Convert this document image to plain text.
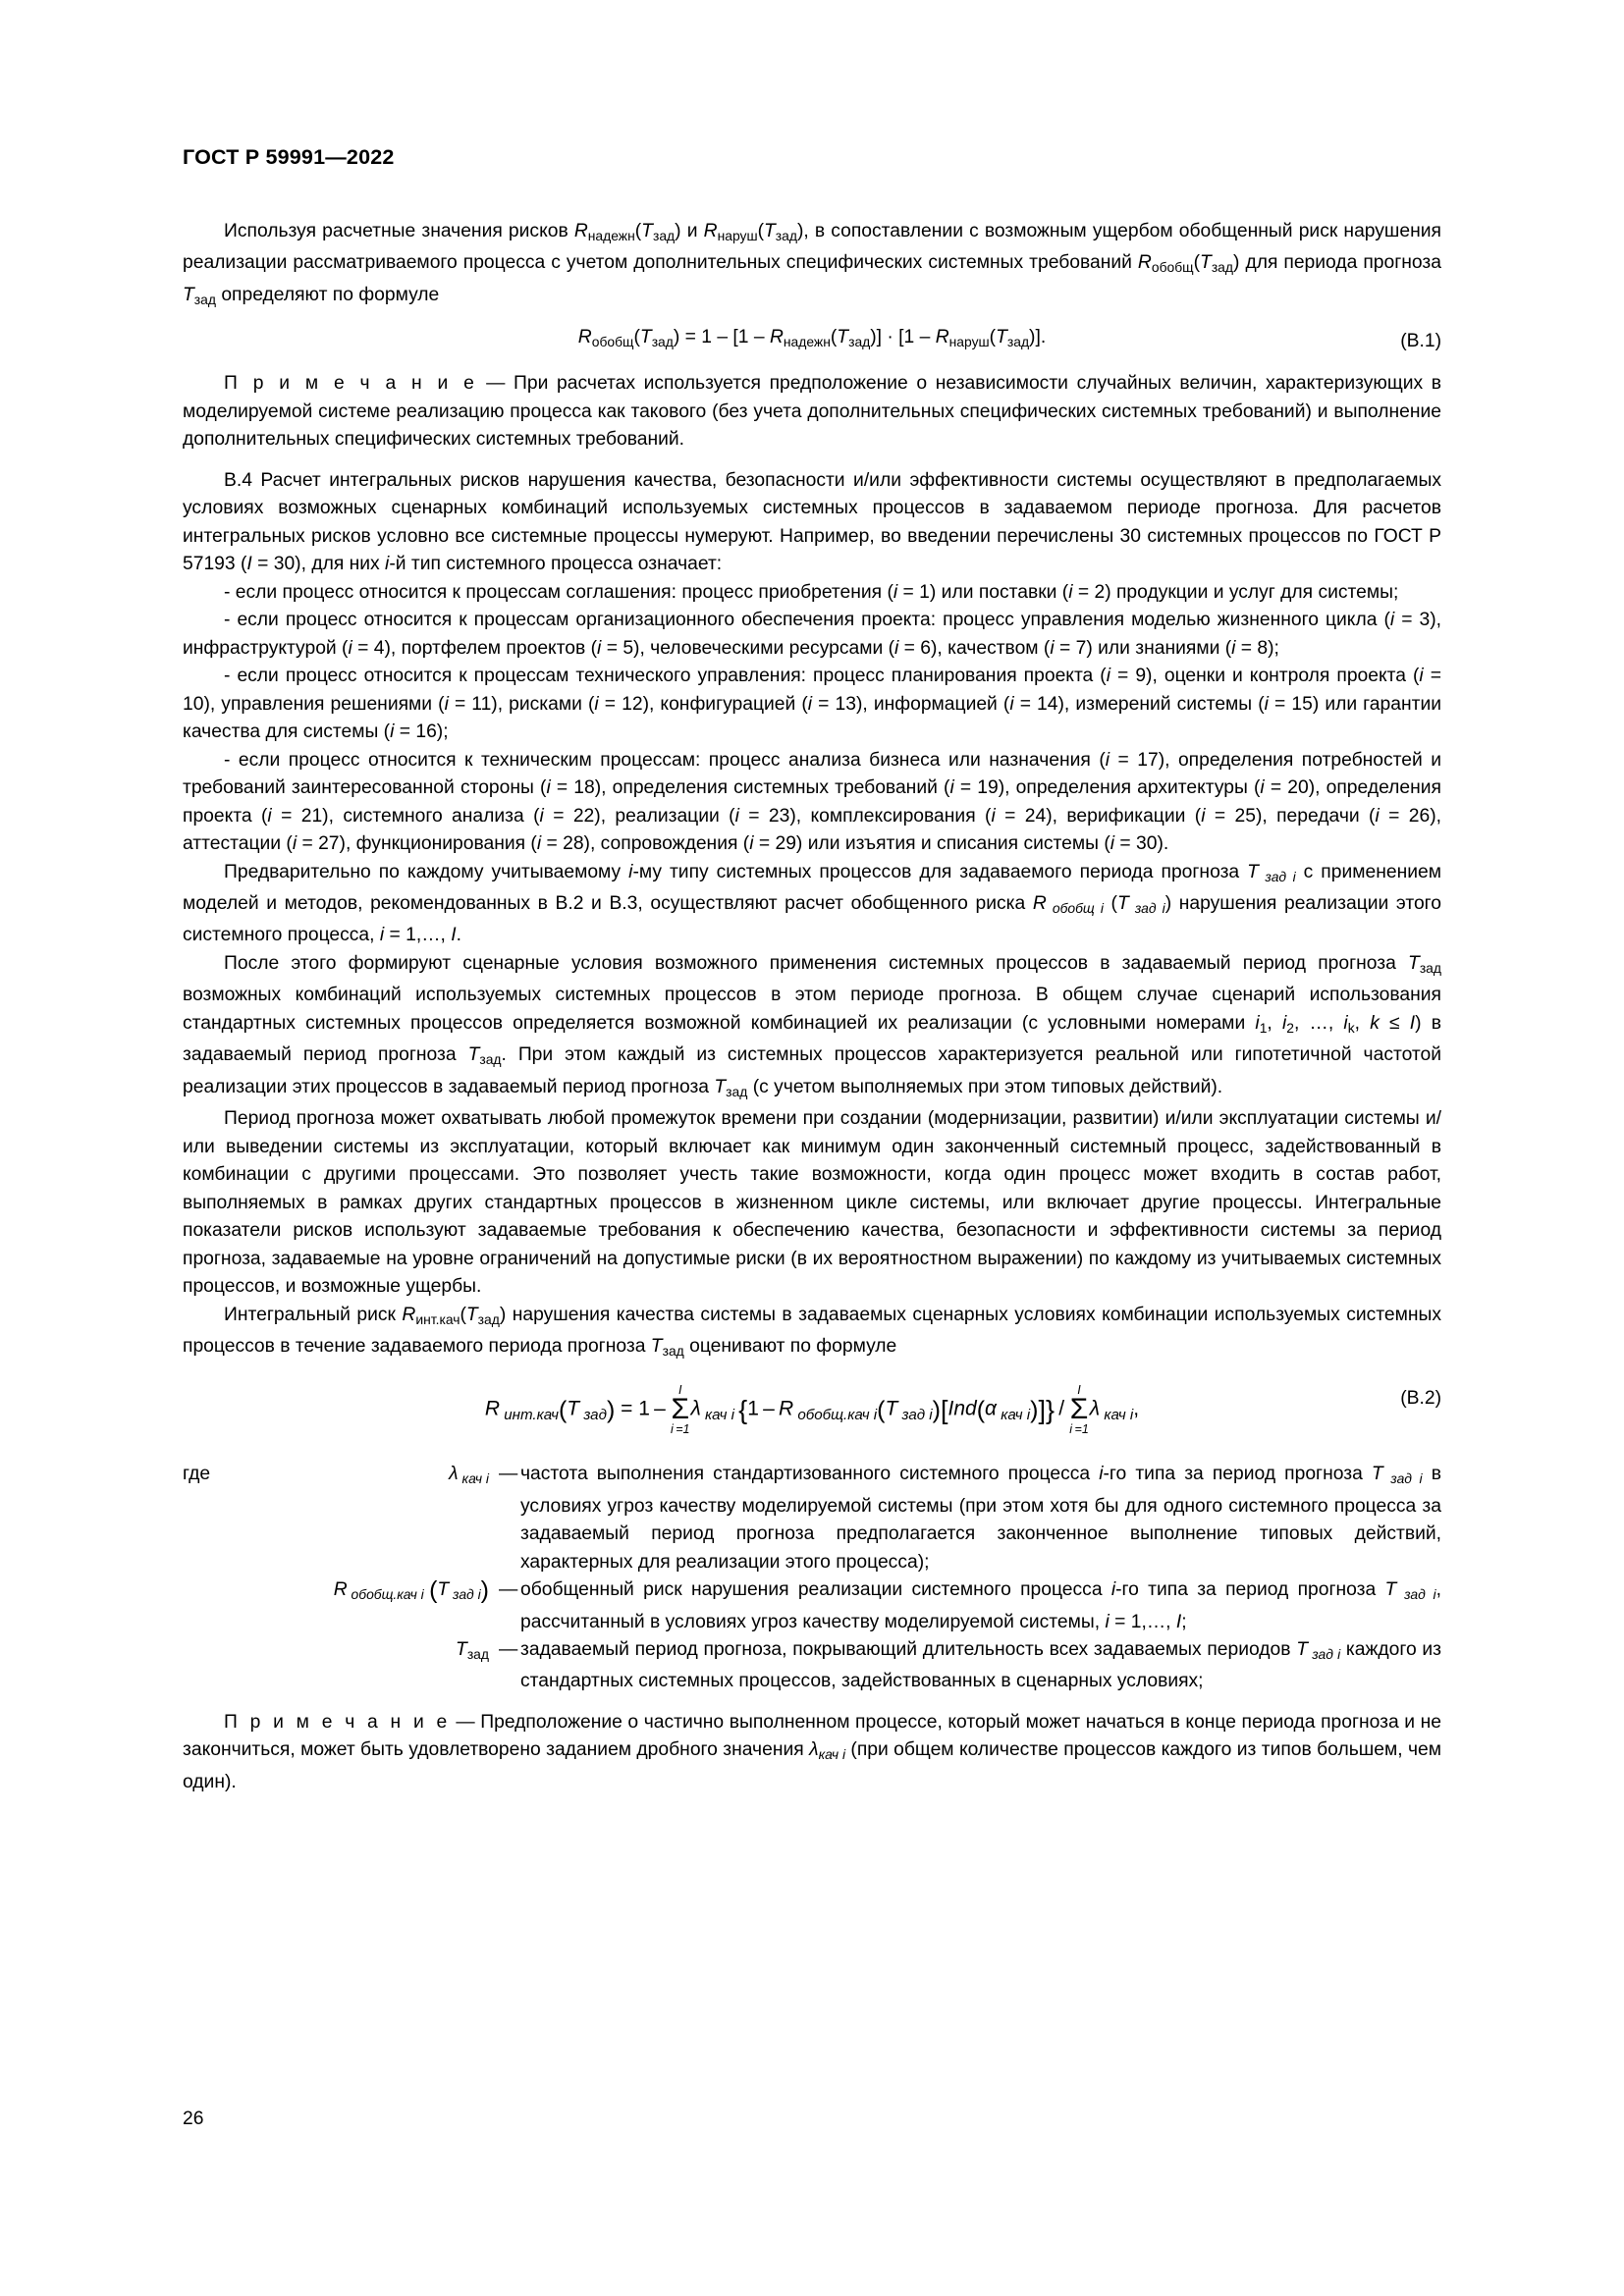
ГОСТ Р 59991—2022

Используя расчетные значения рисков $R_{надежн}(T_{зад})$ и $R_{наруш}(T_{зад})$, в сопоставлении с возможным ущербом обобщенный риск нарушения реализации рассматриваемого процесса с учетом дополнительных специфических системных требований $R_{обобщ}(T_{зад})$ для периода прогноза $T_{зад}$ определяют по формуле

$R_{обобщ}(T_{зад}) = 1 - [1 - R_{надежн}(T_{зад})] \cdot [1 - R_{наруш}(T_{зад})]$.	(B.1)

П р и м е ч а н и е — При расчетах используется предположение о независимости случайных величин, характеризующих в моделируемой системе реализацию процесса как такового (без учета дополнительных специфических системных требований) и выполнение дополнительных специфических системных требований.

В.4 Расчет интегральных рисков нарушения качества, безопасности и/или эффективности системы осуществляют в предполагаемых условиях возможных сценарных комбинаций используемых системных процессов в задаваемом периоде прогноза. Для расчетов интегральных рисков условно все системные процессы нумеруют. Например, во введении перечислены 30 системных процессов по ГОСТ Р 57193 (I = 30), для них i-й тип системного процесса означает:

- если процесс относится к процессам соглашения: процесс приобретения (i = 1) или поставки (i = 2) продукции и услуг для системы;

- если процесс относится к процессам организационного обеспечения проекта: процесс управления моделью жизненного цикла (i = 3), инфраструктурой (i = 4), портфелем проектов (i = 5), человеческими ресурсами (i = 6), качеством (i = 7) или знаниями (i = 8);

- если процесс относится к процессам технического управления: процесс планирования проекта (i = 9), оценки и контроля проекта (i = 10), управления решениями (i = 11), рисками (i = 12), конфигурацией (i = 13), информацией (i = 14), измерений системы (i = 15) или гарантии качества для системы (i = 16);

- если процесс относится к техническим процессам: процесс анализа бизнеса или назначения (i = 17), определения потребностей и требований заинтересованной стороны (i = 18), определения системных требований (i = 19), определения архитектуры (i = 20), определения проекта (i = 21), системного анализа (i = 22), реализации (i = 23), комплексирования (i = 24), верификации (i = 25), передачи (i = 26), аттестации (i = 27), функционирования (i = 28), сопровождения (i = 29) или изъятия и списания системы (i = 30).

Предварительно по каждому учитываемому i-му типу системных процессов для задаваемого периода прогноза T $_{зад i}$ с применением моделей и методов, рекомендованных в В.2 и В.3, осуществляют расчет обобщенного риска R $_{обобщ i}$ (T $_{зад i}$) нарушения реализации этого системного процесса, i = 1,…, I.

После этого формируют сценарные условия возможного применения системных процессов в задаваемый период прогноза $T_{зад}$ возможных комбинаций используемых системных процессов в этом периоде прогноза. В общем случае сценарий использования стандартных системных процессов определяется возможной комбинацией их реализации (с условными номерами $i_1$, $i_2$, …, $i_k$, k ≤ I) в задаваемый период прогноза $T_{зад}$. При этом каждый из системных процессов характеризуется реальной или гипотетичной частотой реализации этих процессов в задаваемый период прогноза $T_{зад}$ (с учетом выполняемых при этом типовых действий).

Период прогноза может охватывать любой промежуток времени при создании (модернизации, развитии) и/или эксплуатации системы и/или выведении системы из эксплуатации, который включает как минимум один законченный системный процесс, задействованный в комбинации с другими процессами. Это позволяет учесть такие возможности, когда один процесс может входить в состав работ, выполняемых в рамках других стандартных процессов в жизненном цикле системы, или включает другие процессы. Интегральные показатели рисков используют задаваемые требования к обеспечению качества, безопасности и эффективности системы за период прогноза, задаваемые на уровне ограничений на допустимые риски (в их вероятностном выражении) по каждому из учитываемых системных процессов, и возможные ущербы.

Интегральный риск $R_{инт.кач}(T_{зад})$ нарушения качества системы в задаваемых сценарных условиях комбинации используемых системных процессов в течение задаваемого периода прогноза $T_{зад}$ оценивают по формуле

R $_{инт.кач}$(T $_{зад}$) = 1 – 
I
Σ
i =1
λ $_{кач i}$  {1 – R $_{обобщ.кач i}$(T $_{зад i}$)[Ind(α $_{кач i}$)]} / 
I
Σ
i =1
λ $_{кач i}$,	(B.2)
где	λ $_{кач i}$ — частота выполнения стандартизованного системного процесса i-го типа за период прогноза T $_{зад i}$ в условиях угроз качеству моделируемой системы (при этом хотя бы для одного системного процесса за задаваемый период прогноза предполагается законченное выполнение типовых действий, характерных для реализации этого процесса);

R $_{обобщ.кач i}$ (T $_{зад i}$) — обобщенный риск нарушения реализации системного процесса i-го типа за период прогноза T $_{зад i}$, рассчитанный в условиях угроз качеству моделируемой системы, i = 1,…, I;

$T_{зад}$ — задаваемый период прогноза, покрывающий длительность всех задаваемых периодов T $_{зад i}$ каждого из стандартных системных процессов, задействованных в сценарных условиях;

П р и м е ч а н и е — Предположение о частично выполненном процессе, который может начаться в конце периода прогноза и не закончиться, может быть удовлетворено заданием дробного значения $\lambda_{кач i}$ (при общем количестве процессов каждого из типов большем, чем один).

26
